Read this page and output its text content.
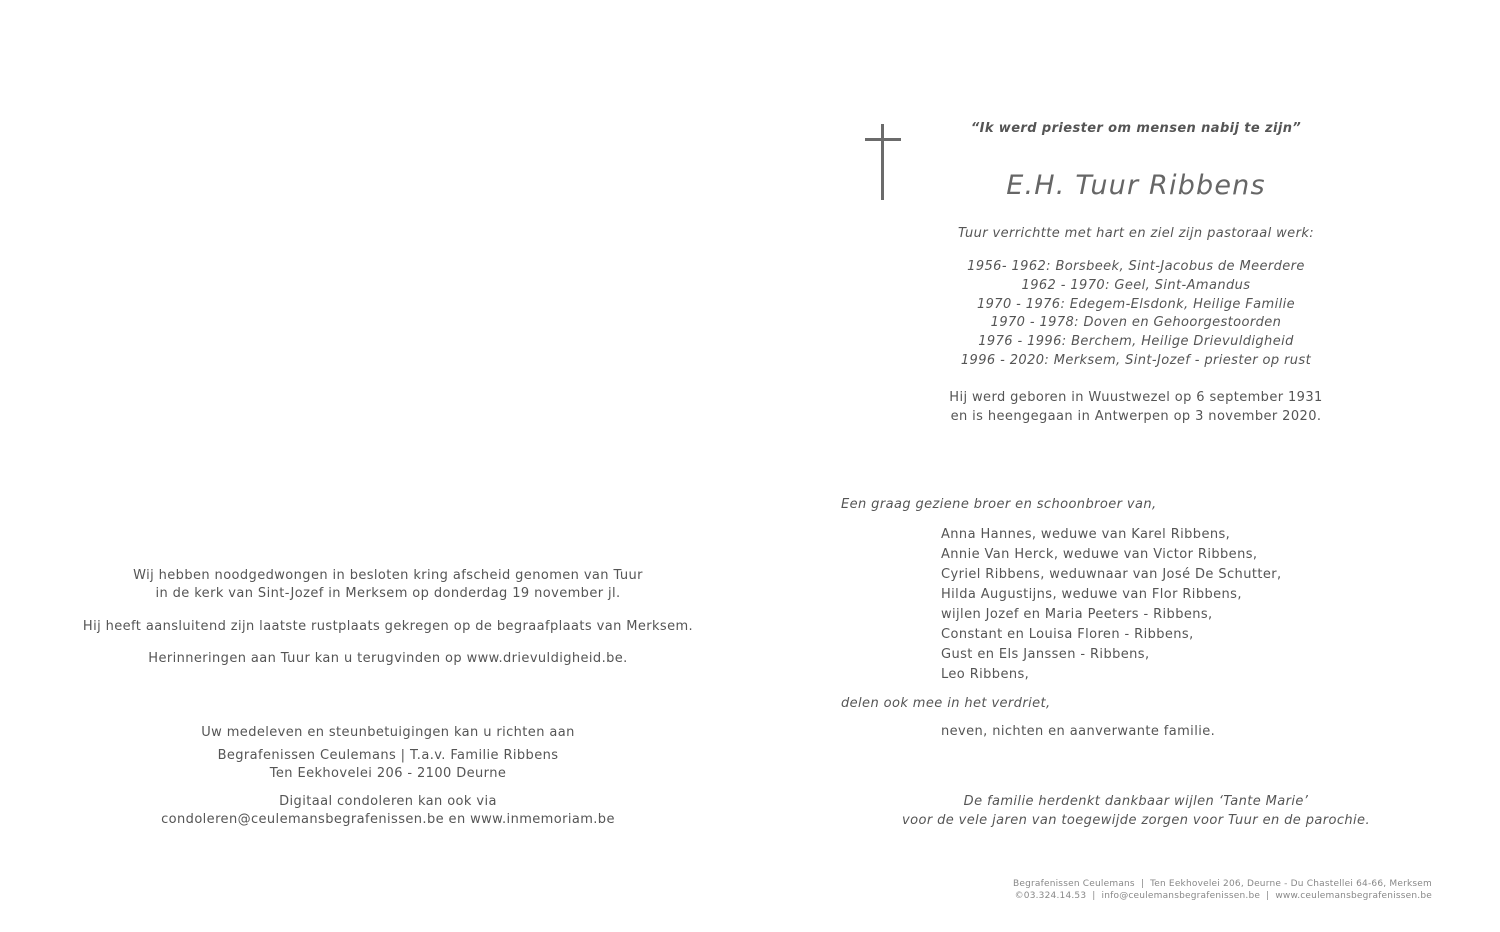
“Ik werd priester om mensen nabij te zijn”
E.H. Tuur Ribbens
Tuur verrichtte met hart en ziel zijn pastoraal werk:
1956- 1962: Borsbeek, Sint-Jacobus de Meerdere
1962 - 1970: Geel, Sint-Amandus
1970 - 1976: Edegem-Elsdonk, Heilige Familie
1970 - 1978: Doven en Gehoorgestoorden
1976 - 1996: Berchem, Heilige Drievuldigheid
1996 - 2020: Merksem, Sint-Jozef - priester op rust
Hij werd geboren in Wuustwezel op 6 september 1931
en is heengegaan in Antwerpen op 3 november 2020.
Een graag geziene broer en schoonbroer van,
Anna Hannes, weduwe van Karel Ribbens,
Annie Van Herck, weduwe van Victor Ribbens,
Cyriel Ribbens, weduwnaar van José De Schutter,
Hilda Augustijns, weduwe van Flor Ribbens,
wijlen Jozef en Maria Peeters - Ribbens,
Constant en Louisa Floren - Ribbens,
Gust en Els Janssen - Ribbens,
Leo Ribbens,
delen ook mee in het verdriet,
neven, nichten en aanverwante familie.
De familie herdenkt dankbaar wijlen ‘Tante Marie’
voor de vele jaren van toegewijde zorgen voor Tuur en de parochie.
Begrafenissen Ceulemans | Ten Eekhovelei 206, Deurne - Du Chastellei 64-66, Merksem
©03.324.14.53 | info@ceulemansbegrafenissen.be | www.ceulemansbegrafenissen.be
Wij hebben noodgedwongen in besloten kring afscheid genomen van Tuur
in de kerk van Sint-Jozef in Merksem op donderdag 19 november jl.
Hij heeft aansluitend zijn laatste rustplaats gekregen op de begraafplaats van Merksem.
Herinneringen aan Tuur kan u terugvinden op www.drievuldigheid.be.
Uw medeleven en steunbetuigingen kan u richten aan
Begrafenissen Ceulemans | T.a.v. Familie Ribbens
Ten Eekhovelei 206 - 2100 Deurne
Digitaal condoleren kan ook via
condoleren@ceulemansbegrafenissen.be en www.inmemoriam.be
